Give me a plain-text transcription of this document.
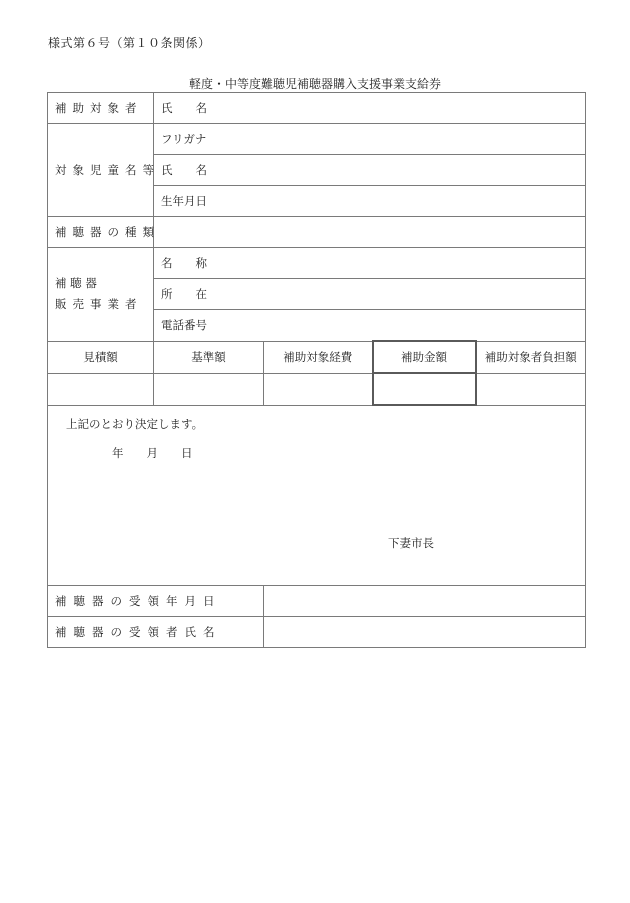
様式第６号（第１０条関係）
軽度・中等度難聴児補聴器購入支援事業支給券
補助対象者	氏　　名			
対象児童名等	フリガナ			
	氏　　名			
	生年月日			
補聴器の種類				

補 聴 器
販売事業者	名　　称			
	所　　在			
	電話番号			
見積額	基準額	補助対象経費	補助金額	補助対象者負担額

上記のとおり決定します。
年　　月　　日
下妻市長				

補聴器の受領年月日				
補聴器の受領者氏名				
